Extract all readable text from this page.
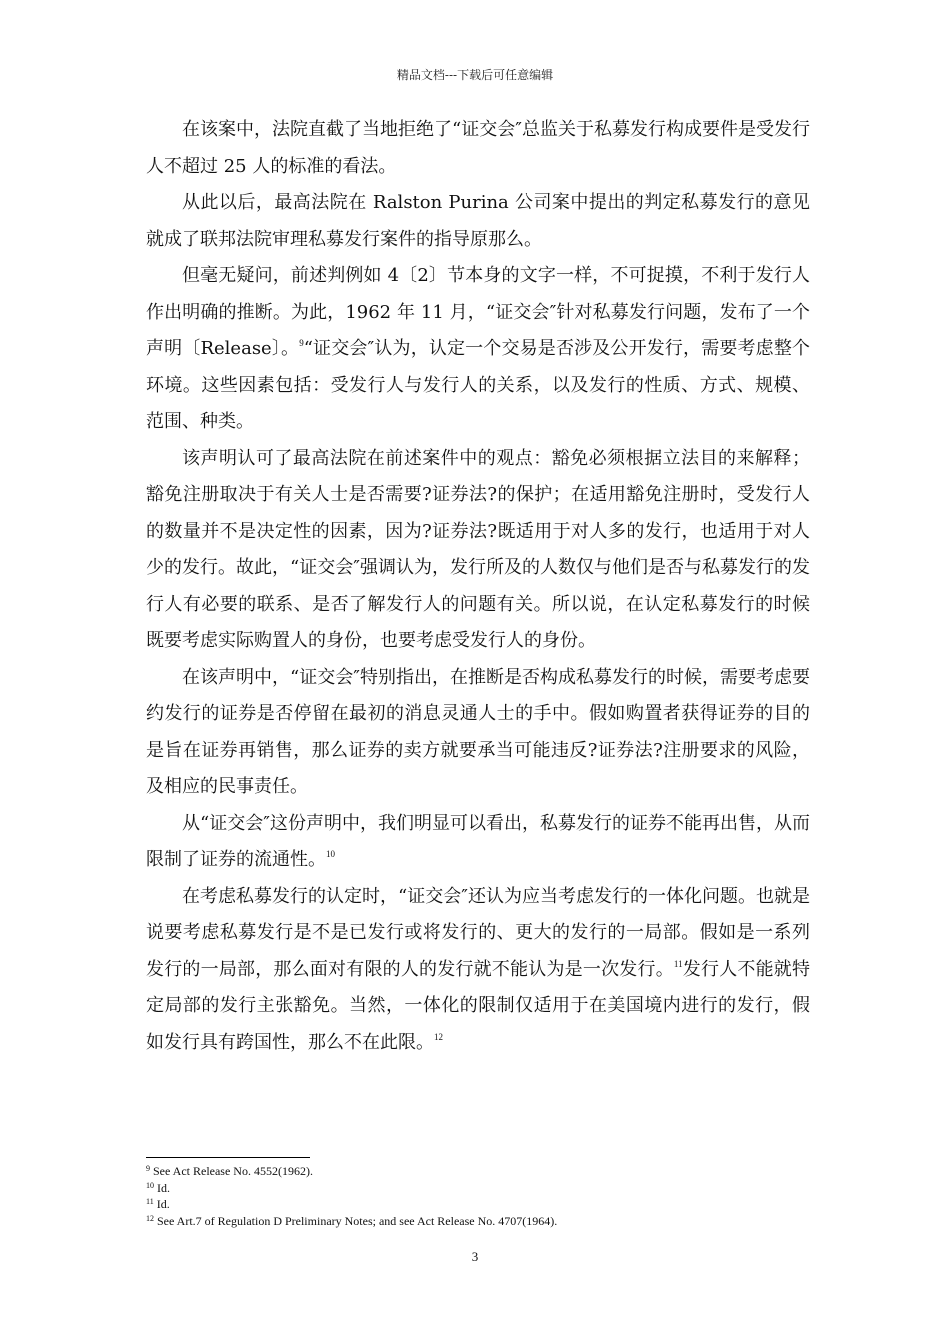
精品文档---下载后可任意编辑

在该案中，法院直截了当地拒绝了“证交会″总监关于私募发行构成要件是受发行人不超过 25 人的标准的看法。

从此以后，最高法院在 Ralston Purina 公司案中提出的判定私募发行的意见就成了联邦法院审理私募发行案件的指导原那么。

但毫无疑问，前述判例如 4〔2〕节本身的文字一样，不可捉摸，不利于发行人作出明确的推断。为此，1962 年 11 月，“证交会″针对私募发行问题，发布了一个声明〔Release〕。$^9$“证交会″认为，认定一个交易是否涉及公开发行，需要考虑整个环境。这些因素包括：受发行人与发行人的关系，以及发行的性质、方式、规模、范围、种类。

该声明认可了最高法院在前述案件中的观点：豁免必须根据立法目的来解释；豁免注册取决于有关人士是否需要?证券法?的保护；在适用豁免注册时，受发行人的数量并不是决定性的因素，因为?证券法?既适用于对人多的发行，也适用于对人少的发行。故此，“证交会″强调认为，发行所及的人数仅与他们是否与私募发行的发行人有必要的联系、是否了解发行人的问题有关。所以说，在认定私募发行的时候既要考虑实际购置人的身份，也要考虑受发行人的身份。

在该声明中，“证交会″特别指出，在推断是否构成私募发行的时候，需要考虑要约发行的证券是否停留在最初的消息灵通人士的手中。假如购置者获得证券的目的是旨在证券再销售，那么证券的卖方就要承当可能违反?证券法?注册要求的风险，及相应的民事责任。

从“证交会″这份声明中，我们明显可以看出，私募发行的证券不能再出售，从而限制了证券的流通性。$^{10}$

在考虑私募发行的认定时，“证交会″还认为应当考虑发行的一体化问题。也就是说要考虑私募发行是不是已发行或将发行的、更大的发行的一局部。假如是一系列发行的一局部，那么面对有限的人的发行就不能认为是一次发行。$^{11}$发行人不能就特定局部的发行主张豁免。当然，一体化的限制仅适用于在美国境内进行的发行，假如发行具有跨国性，那么不在此限。$^{12}$

$^9$ See Act Release No. 4552(1962).
$^{10}$ Id.
$^{11}$ Id.
$^{12}$ See Art.7 of Regulation D Preliminary Notes; and see Act Release No. 4707(1964).
3
